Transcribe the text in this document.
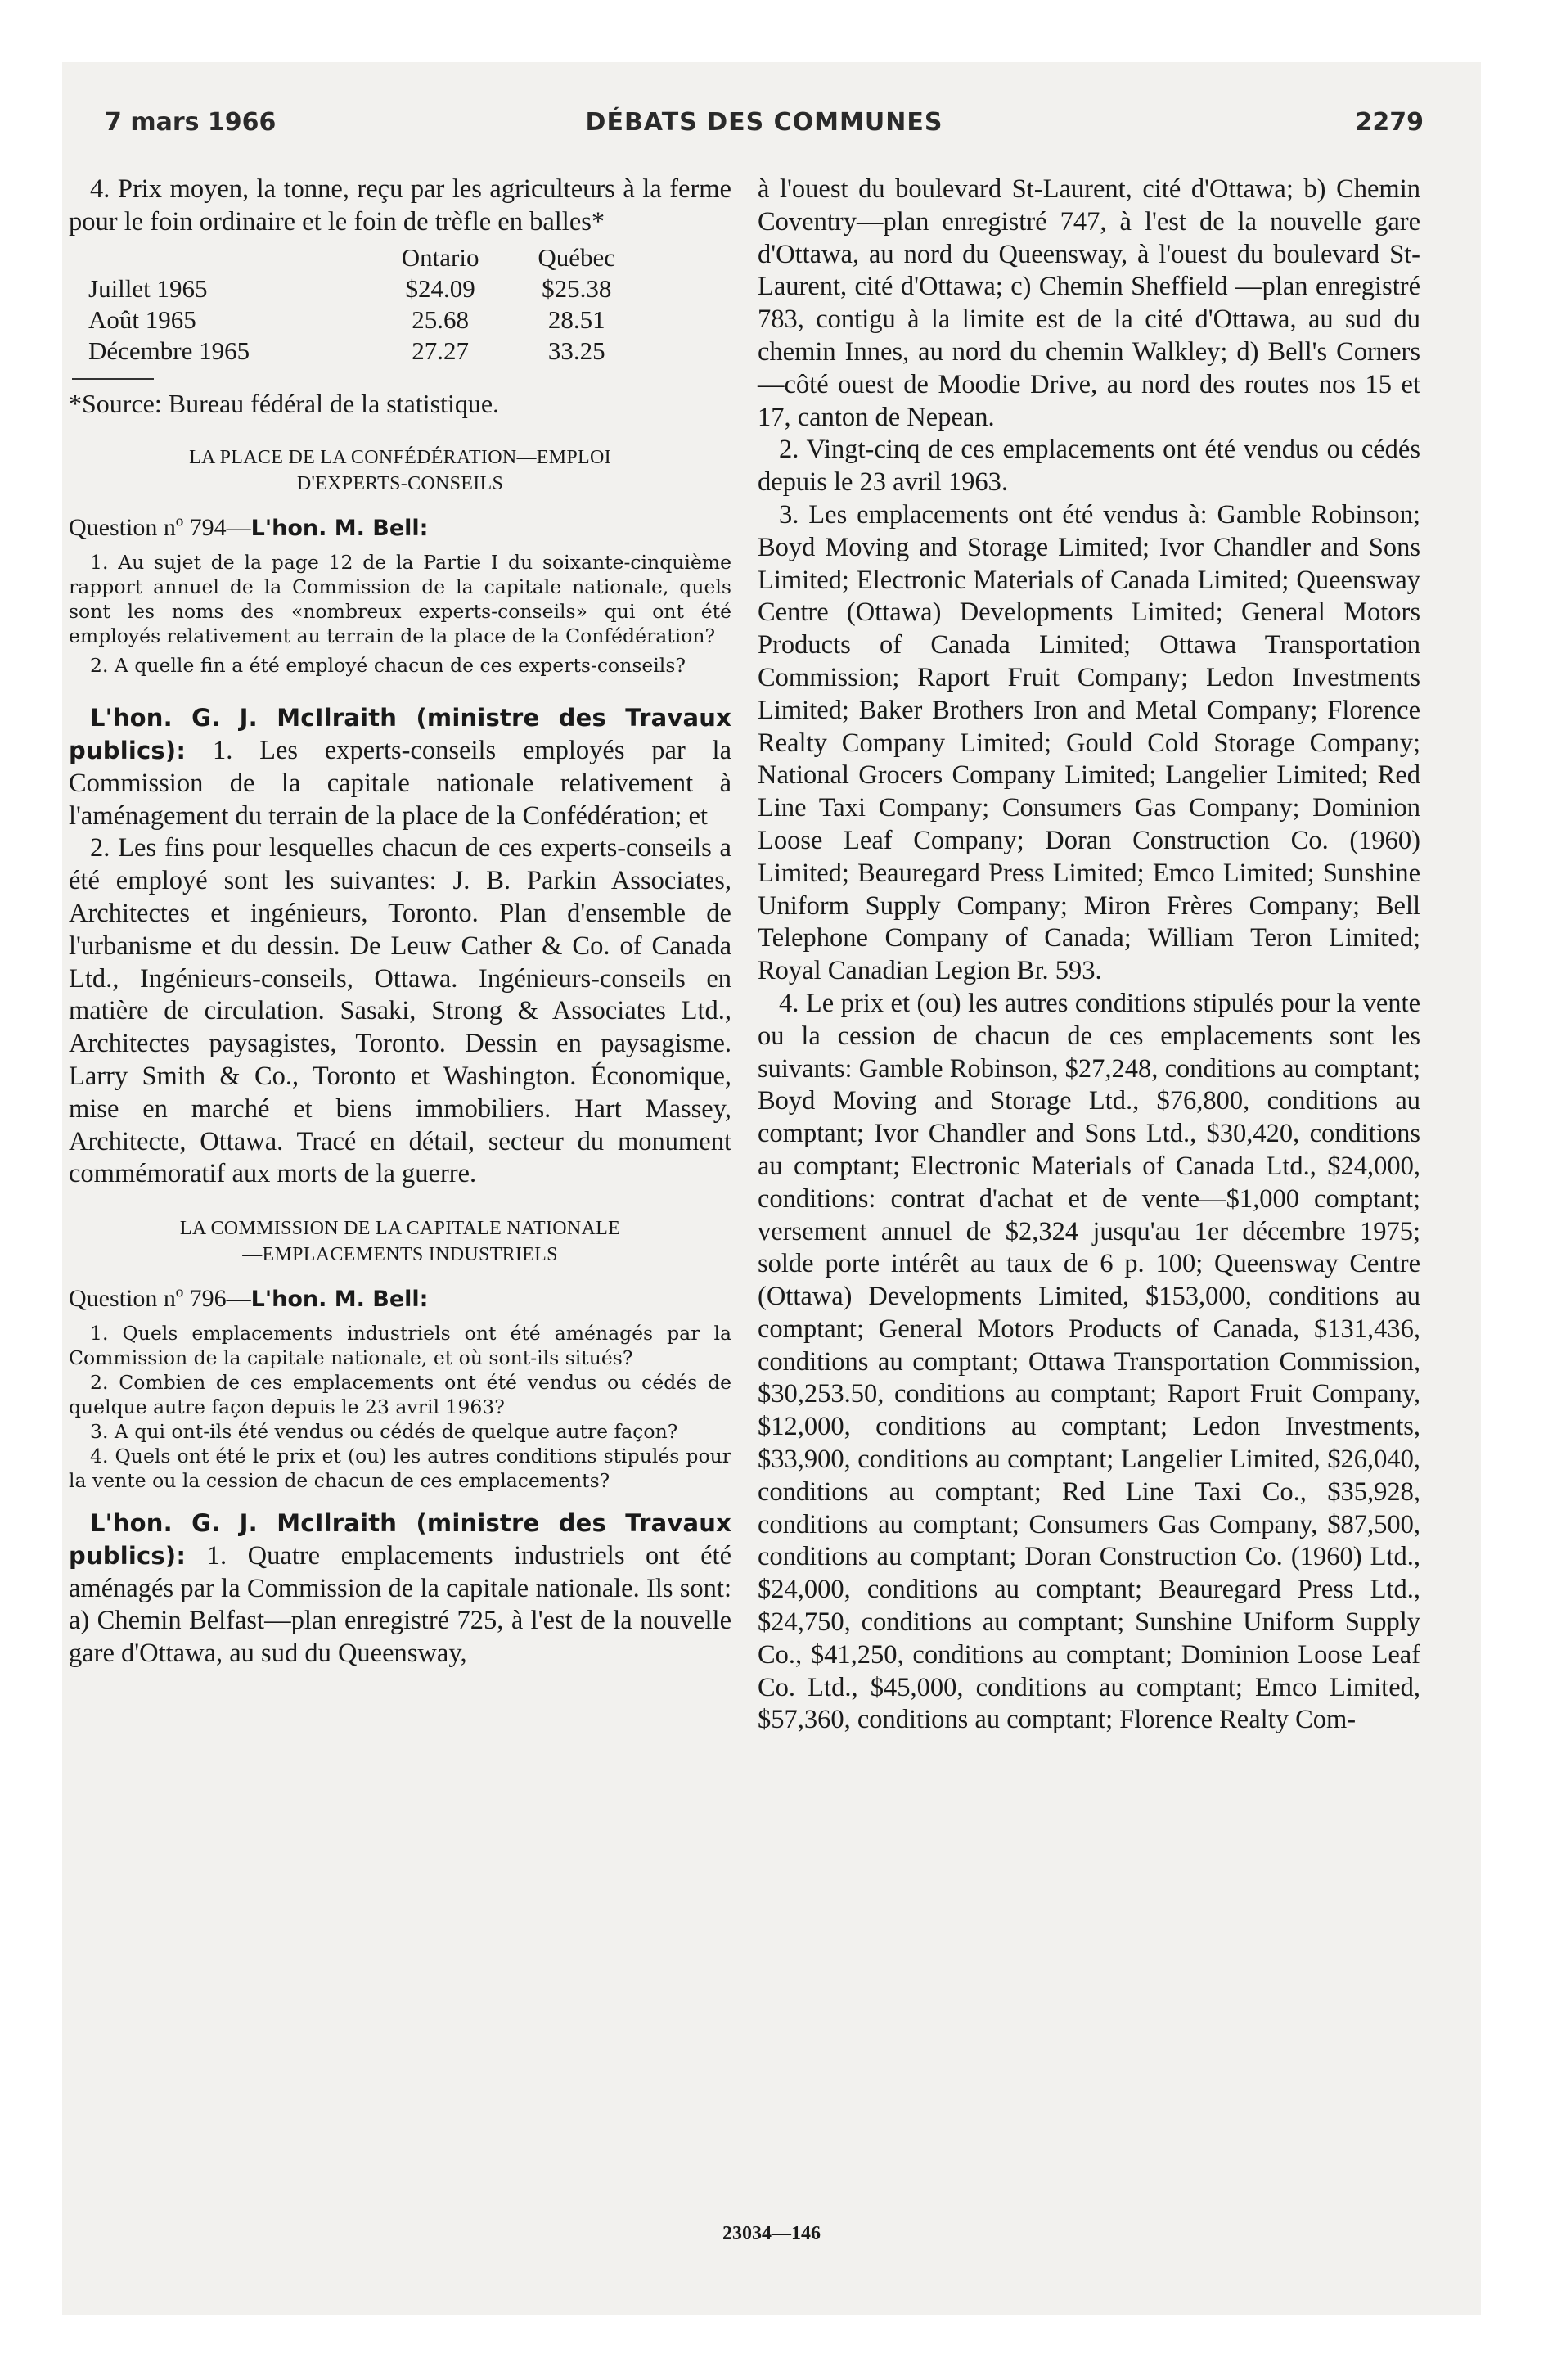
7 mars 1966	DÉBATS DES COMMUNES	2279

4. Prix moyen, la tonne, reçu par les agriculteurs à la ferme pour le foin ordinaire et le foin de trèfle en balles*

	Ontario	Québec
Juillet 1965	$24.09	$25.38
Août 1965	25.68	28.51
Décembre 1965	27.27	33.25

*Source: Bureau fédéral de la statistique.

LA PLACE DE LA CONFÉDÉRATION—EMPLOI
D'EXPERTS-CONSEILS

Question nº 794—L'hon. M. Bell:

1. Au sujet de la page 12 de la Partie I du soixante-cinquième rapport annuel de la Commission de la capitale nationale, quels sont les noms des «nombreux experts-conseils» qui ont été employés relativement au terrain de la place de la Confédération?

2. A quelle fin a été employé chacun de ces experts-conseils?

L'hon. G. J. McIlraith (ministre des Travaux publics): 1. Les experts-conseils employés par la Commission de la capitale nationale relativement à l'aménagement du terrain de la place de la Confédération; et

2. Les fins pour lesquelles chacun de ces experts-conseils a été employé sont les suivantes: J. B. Parkin Associates, Architectes et ingénieurs, Toronto. Plan d'ensemble de l'urbanisme et du dessin. De Leuw Cather & Co. of Canada Ltd., Ingénieurs-conseils, Ottawa. Ingénieurs-conseils en matière de circulation. Sasaki, Strong & Associates Ltd., Architectes paysagistes, Toronto. Dessin en paysagisme. Larry Smith & Co., Toronto et Washington. Économique, mise en marché et biens immobiliers. Hart Massey, Architecte, Ottawa. Tracé en détail, secteur du monument commémoratif aux morts de la guerre.

LA COMMISSION DE LA CAPITALE NATIONALE
—EMPLACEMENTS INDUSTRIELS

Question nº 796—L'hon. M. Bell:

1. Quels emplacements industriels ont été aménagés par la Commission de la capitale nationale, et où sont-ils situés?

2. Combien de ces emplacements ont été vendus ou cédés de quelque autre façon depuis le 23 avril 1963?

3. A qui ont-ils été vendus ou cédés de quelque autre façon?

4. Quels ont été le prix et (ou) les autres conditions stipulés pour la vente ou la cession de chacun de ces emplacements?

L'hon. G. J. McIlraith (ministre des Travaux publics): 1. Quatre emplacements industriels ont été aménagés par la Commission de la capitale nationale. Ils sont: a) Chemin Belfast—plan enregistré 725, à l'est de la nouvelle gare d'Ottawa, au sud du Queensway,

à l'ouest du boulevard St-Laurent, cité d'Ottawa; b) Chemin Coventry—plan enregistré 747, à l'est de la nouvelle gare d'Ottawa, au nord du Queensway, à l'ouest du boulevard St-Laurent, cité d'Ottawa; c) Chemin Sheffield —plan enregistré 783, contigu à la limite est de la cité d'Ottawa, au sud du chemin Innes, au nord du chemin Walkley; d) Bell's Corners —côté ouest de Moodie Drive, au nord des routes nos 15 et 17, canton de Nepean.

2. Vingt-cinq de ces emplacements ont été vendus ou cédés depuis le 23 avril 1963.

3. Les emplacements ont été vendus à: Gamble Robinson; Boyd Moving and Storage Limited; Ivor Chandler and Sons Limited; Electronic Materials of Canada Limited; Queensway Centre (Ottawa) Developments Limited; General Motors Products of Canada Limited; Ottawa Transportation Commission; Raport Fruit Company; Ledon Investments Limited; Baker Brothers Iron and Metal Company; Florence Realty Company Limited; Gould Cold Storage Company; National Grocers Company Limited; Langelier Limited; Red Line Taxi Company; Consumers Gas Company; Dominion Loose Leaf Company; Doran Construction Co. (1960) Limited; Beauregard Press Limited; Emco Limited; Sunshine Uniform Supply Company; Miron Frères Company; Bell Telephone Company of Canada; William Teron Limited; Royal Canadian Legion Br. 593.

4. Le prix et (ou) les autres conditions stipulés pour la vente ou la cession de chacun de ces emplacements sont les suivants: Gamble Robinson, $27,248, conditions au comptant; Boyd Moving and Storage Ltd., $76,800, conditions au comptant; Ivor Chandler and Sons Ltd., $30,420, conditions au comptant; Electronic Materials of Canada Ltd., $24,000, conditions: contrat d'achat et de vente—$1,000 comptant; versement annuel de $2,324 jusqu'au 1er décembre 1975; solde porte intérêt au taux de 6 p. 100; Queensway Centre (Ottawa) Developments Limited, $153,000, conditions au comptant; General Motors Products of Canada, $131,436, conditions au comptant; Ottawa Transportation Commission, $30,253.50, conditions au comptant; Raport Fruit Company, $12,000, conditions au comptant; Ledon Investments, $33,900, conditions au comptant; Langelier Limited, $26,040, conditions au comptant; Red Line Taxi Co., $35,928, conditions au comptant; Consumers Gas Company, $87,500, conditions au comptant; Doran Construction Co. (1960) Ltd., $24,000, conditions au comptant; Beauregard Press Ltd., $24,750, conditions au comptant; Sunshine Uniform Supply Co., $41,250, conditions au comptant; Dominion Loose Leaf Co. Ltd., $45,000, conditions au comptant; Emco Limited, $57,360, conditions au comptant; Florence Realty Com-

23034—146
